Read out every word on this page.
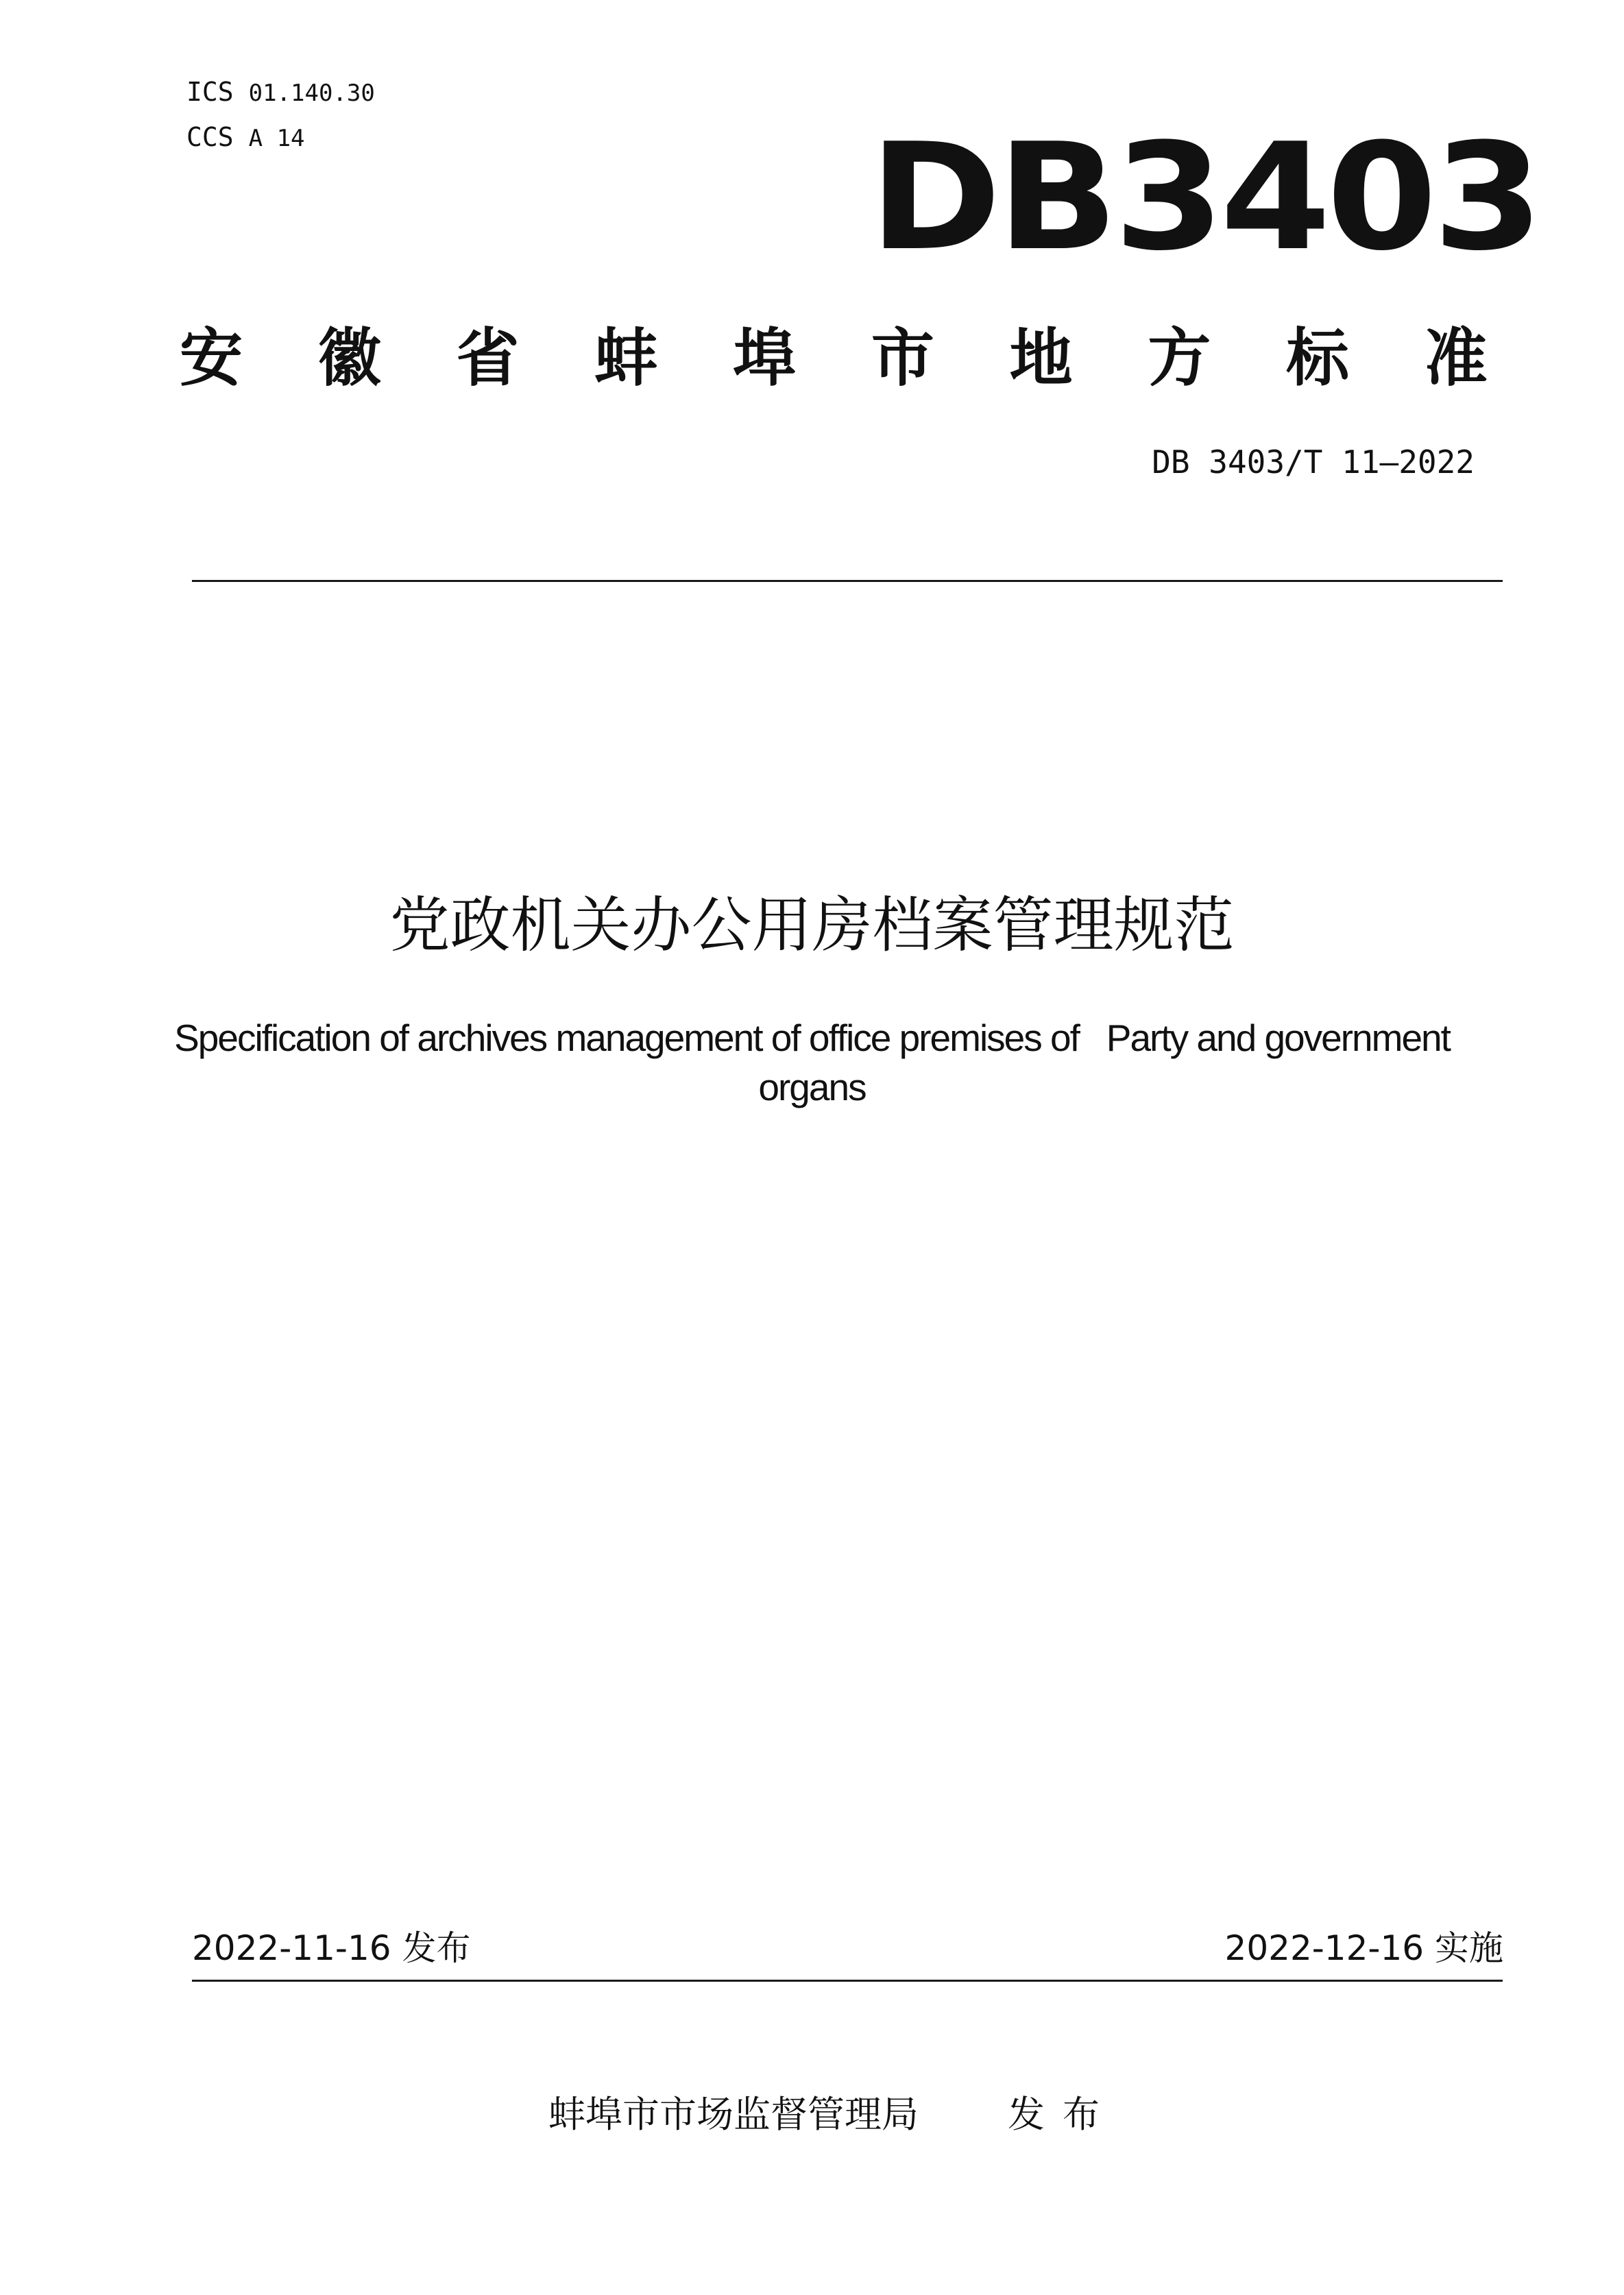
ICS 01.140.30
CCS A 14	DB3403
安 徽 省 蚌 埠 市 地 方 标 准
DB 3403/T 11—2022
党政机关办公用房档案管理规范
Specification of archives management of office premises of   Party and government organs
2022-11-16 发布	2022-12-16 实施
蚌埠市市场监督管理局 发布
